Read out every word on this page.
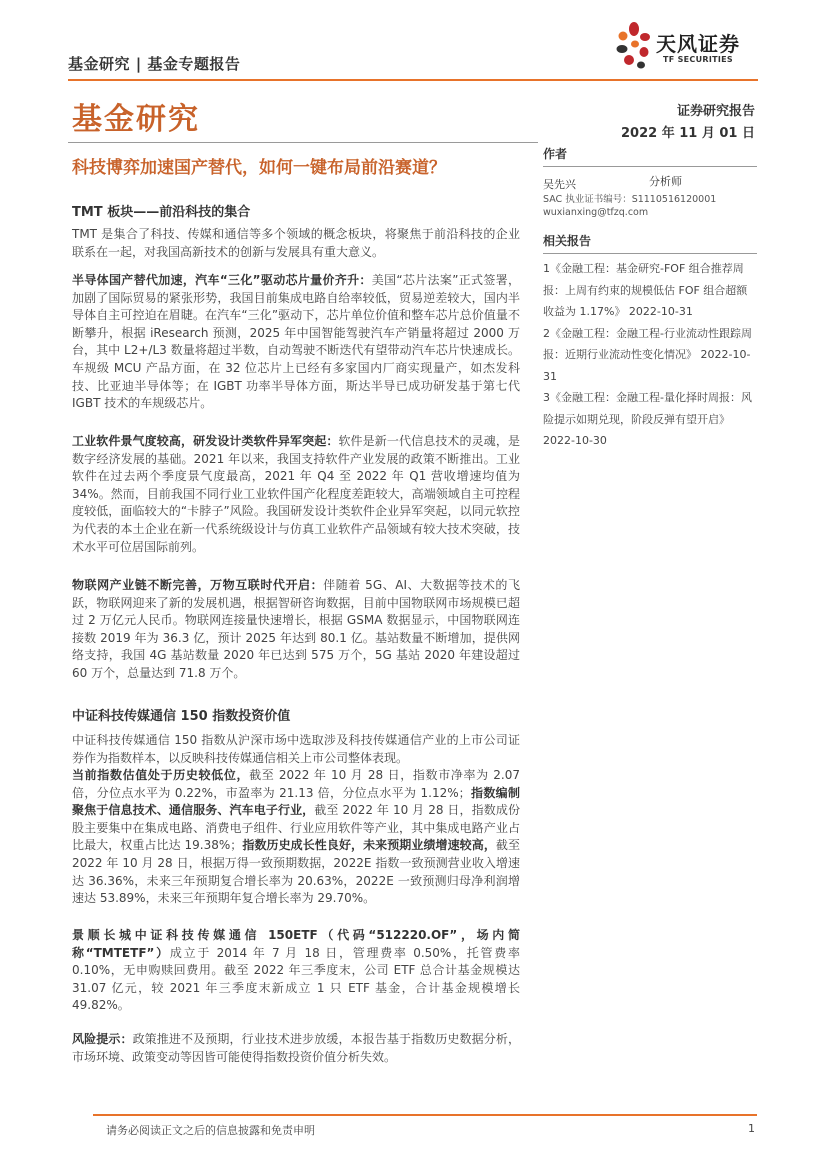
基金研究 | 基金专题报告
天风证券
TF SECURITIES
基金研究	证券研究报告
2022 年 11 月 01 日
科技博弈加速国产替代，如何一键布局前沿赛道？
TMT 板块——前沿科技的集合
TMT 是集合了科技、传媒和通信等多个领域的概念板块，将聚焦于前沿科技的企业联系在一起，对我国高新技术的创新与发展具有重大意义。
半导体国产替代加速，汽车“三化”驱动芯片量价齐升：美国“芯片法案”正式签署，加剧了国际贸易的紧张形势，我国目前集成电路自给率较低，贸易逆差较大，国内半导体自主可控迫在眉睫。在汽车“三化”驱动下，芯片单位价值和整车芯片总价值量不断攀升，根据 iResearch 预测，2025 年中国智能驾驶汽车产销量将超过 2000 万台，其中 L2+/L3 数量将超过半数，自动驾驶不断迭代有望带动汽车芯片快速成长。车规级 MCU 产品方面，在 32 位芯片上已经有多家国内厂商实现量产，如杰发科技、比亚迪半导体等；在 IGBT 功率半导体方面，斯达半导已成功研发基于第七代 IGBT 技术的车规级芯片。
工业软件景气度较高，研发设计类软件异军突起：软件是新一代信息技术的灵魂，是数字经济发展的基础。2021 年以来，我国支持软件产业发展的政策不断推出。工业软件在过去两个季度景气度最高，2021 年 Q4 至 2022 年 Q1 营收增速均值为 34%。然而，目前我国不同行业工业软件国产化程度差距较大，高端领域自主可控程度较低，面临较大的“卡脖子”风险。我国研发设计类软件企业异军突起，以同元软控为代表的本土企业在新一代系统级设计与仿真工业软件产品领域有较大技术突破，技术水平可位居国际前列。
物联网产业链不断完善，万物互联时代开启：伴随着 5G、AI、大数据等技术的飞跃，物联网迎来了新的发展机遇，根据智研咨询数据，目前中国物联网市场规模已超过 2 万亿元人民币。物联网连接量快速增长，根据 GSMA 数据显示，中国物联网连接数 2019 年为 36.3 亿，预计 2025 年达到 80.1 亿。基站数量不断增加，提供网络支持，我国 4G 基站数量 2020 年已达到 575 万个，5G 基站 2020 年建设超过 60 万个，总量达到 71.8 万个。
中证科技传媒通信 150 指数投资价值
中证科技传媒通信 150 指数从沪深市场中选取涉及科技传媒通信产业的上市公司证券作为指数样本，以反映科技传媒通信相关上市公司整体表现。
当前指数估值处于历史较低位，截至 2022 年 10 月 28 日，指数市净率为 2.07 倍，分位点水平为 0.22%，市盈率为 21.13 倍，分位点水平为 1.12%；指数编制聚焦于信息技术、通信服务、汽车电子行业，截至 2022 年 10 月 28 日，指数成份股主要集中在集成电路、消费电子组件、行业应用软件等产业，其中集成电路产业占比最大，权重占比达 19.38%；指数历史成长性良好，未来预期业绩增速较高，截至 2022 年 10 月 28 日，根据万得一致预期数据，2022E 指数一致预测营业收入增速达 36.36%，未来三年预期复合增长率为 20.63%，2022E 一致预测归母净利润增速达 53.89%，未来三年预期年复合增长率为 29.70%。
景顺长城中证科技传媒通信 150ETF（代码“512220.OF”，场内简称“TMTETF”）成立于 2014 年 7 月 18 日，管理费率 0.50%，托管费率 0.10%，无申购赎回费用。截至 2022 年三季度末，公司 ETF 总合计基金规模达 31.07 亿元，较 2021 年三季度末新成立 1 只 ETF 基金，合计基金规模增长 49.82%。
风险提示：政策推进不及预期，行业技术进步放缓，本报告基于指数历史数据分析，市场环境、政策变动等因皆可能使得指数投资价值分析失效。
作者
吴先兴	分析师
SAC 执业证书编号：S1110516120001
wuxianxing@tfzq.com
相关报告
1《金融工程：基金研究-FOF 组合推荐周报：上周有约束的规模低估 FOF 组合超额收益为 1.17%》 2022-10-31
2《金融工程：金融工程-行业流动性跟踪周报：近期行业流动性变化情况》 2022-10-31
3《金融工程：金融工程-量化择时周报：风险提示如期兑现，阶段反弹有望开启》 2022-10-30
请务必阅读正文之后的信息披露和免责申明	1
